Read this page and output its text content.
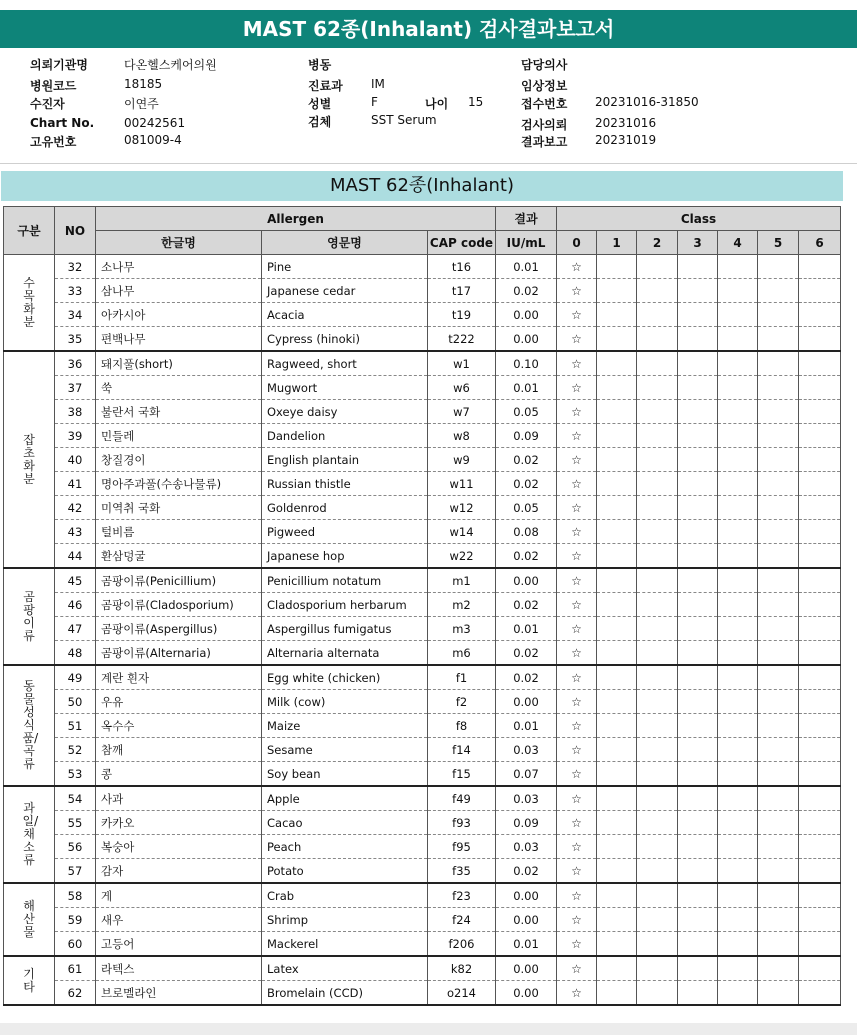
MAST 62종(Inhalant) 검사결과보고서
의뢰기관명	다온헬스케어의원
병원코드	18185
수진자	이연주
Chart No. 00242561
고유번호	081009-4
병동
진료과 IM
성별	F	나이 15
검체	SST Serum
담당의사
임상정보
접수번호 20231016-31850
검사의뢰 20231016
결과보고 20231019
MAST 62종(Inhalant)
구분	NO	Allergen			결과	Class						
		한글명	영문명	CAP code	IU/mL	0	1	2	3	4	5	6
수목화분	32	소나무	Pine	t16	0.01	☆						
	33	삼나무	Japanese cedar	t17	0.02	☆						
	34	아카시아	Acacia	t19	0.00	☆						
	35	편백나무	Cypress (hinoki)	t222	0.00	☆						
잡초화분	36	돼지풀(short)	Ragweed, short	w1	0.10	☆						
	37	쑥	Mugwort	w6	0.01	☆						
	38	불란서 국화	Oxeye daisy	w7	0.05	☆						
	39	민들레	Dandelion	w8	0.09	☆						
	40	창질경이	English plantain	w9	0.02	☆						
	41	명아주과풀(수송나물류)	Russian thistle	w11	0.02	☆						
	42	미역취 국화	Goldenrod	w12	0.05	☆						
	43	털비름	Pigweed	w14	0.08	☆						
	44	환삼덩굴	Japanese hop	w22	0.02	☆						
곰팡이류	45	곰팡이류(Penicillium)	Penicillium notatum	m1	0.00	☆						
	46	곰팡이류(Cladosporium)	Cladosporium herbarum	m2	0.02	☆						
	47	곰팡이류(Aspergillus)	Aspergillus fumigatus	m3	0.01	☆						
	48	곰팡이류(Alternaria)	Alternaria alternata	m6	0.02	☆						
동물성식품/곡류	49	계란 흰자	Egg white (chicken)	f1	0.02	☆						
	50	우유	Milk (cow)	f2	0.00	☆						
	51	옥수수	Maize	f8	0.01	☆						
	52	참깨	Sesame	f14	0.03	☆						
	53	콩	Soy bean	f15	0.07	☆						
과일/채소류	54	사과	Apple	f49	0.03	☆						
	55	카카오	Cacao	f93	0.09	☆						
	56	복숭아	Peach	f95	0.03	☆						
	57	감자	Potato	f35	0.02	☆						
해산물	58	게	Crab	f23	0.00	☆						
	59	새우	Shrimp	f24	0.00	☆						
	60	고등어	Mackerel	f206	0.01	☆						
기타	61	라텍스	Latex	k82	0.00	☆						
	62	브로멜라인	Bromelain (CCD)	o214	0.00	☆						
